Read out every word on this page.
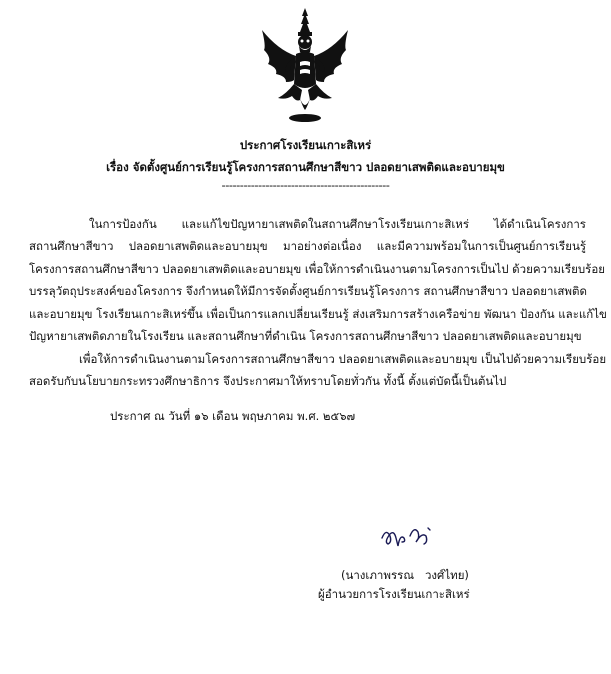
ประกาศโรงเรียนเกาะสิเหร่
เรื่อง จัดตั้งศูนย์การเรียนรู้โครงการสถานศึกษาสีขาว ปลอดยาเสพติดและอบายมุข
----------------------------------------------
ในการป้องกัน และแก้ไขปัญหายาเสพติดในสถานศึกษาโรงเรียนเกาะสิเหร่ ได้ดำเนินโครงการ
สถานศึกษาสีขาว ปลอดยาเสพติดและอบายมุข มาอย่างต่อเนื่อง และมีความพร้อมในการเป็นศูนย์การเรียนรู้
โครงการสถานศึกษาสีขาว ปลอดยาเสพติดและอบายมุข เพื่อให้การดำเนินงานตามโครงการเป็นไป ด้วยความเรียบร้อย
บรรลุวัตถุประสงค์ของโครงการ จึงกำหนดให้มีการจัดตั้งศูนย์การเรียนรู้โครงการ สถานศึกษาสีขาว ปลอดยาเสพติด
และอบายมุข โรงเรียนเกาะสิเหร่ขึ้น เพื่อเป็นการแลกเปลี่ยนเรียนรู้ ส่งเสริมการสร้างเครือข่าย พัฒนา ป้องกัน และแก้ไข
ปัญหายาเสพติดภายในโรงเรียน และสถานศึกษาที่ดำเนิน โครงการสถานศึกษาสีขาว ปลอดยาเสพติดและอบายมุข
เพื่อให้การดำเนินงานตามโครงการสถานศึกษาสีขาว ปลอดยาเสพติดและอบายมุข เป็นไปด้วยความเรียบร้อย
สอดรับกับนโยบายกระทรวงศึกษาธิการ จึงประกาศมาให้ทราบโดยทั่วกัน ทั้งนี้ ตั้งแต่บัดนี้เป็นต้นไป
ประกาศ ณ วันที่ ๑๖ เดือน พฤษภาคม พ.ศ. ๒๕๖๗
(นางเภาพรรณ   วงศ์ไทย)
ผู้อำนวยการโรงเรียนเกาะสิเหร่
